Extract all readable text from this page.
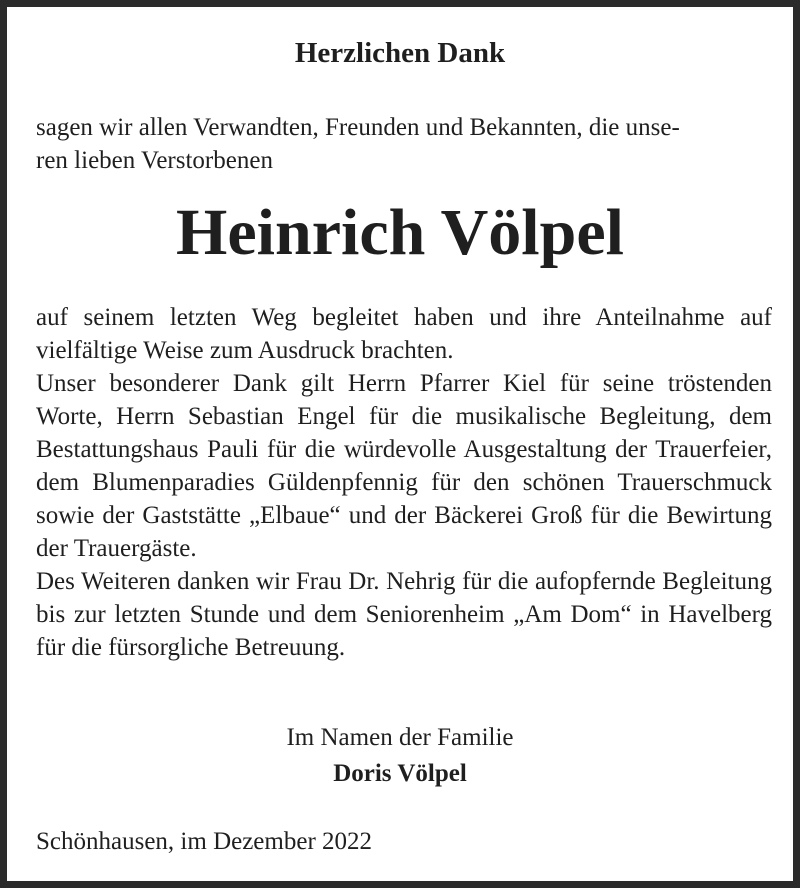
Herzlichen Dank
sagen wir allen Verwandten, Freunden und Bekannten, die unse-
ren lieben Verstorbenen
Heinrich Völpel

auf seinem letzten Weg begleitet haben und ihre Anteilnahme auf vielfältige Weise zum Ausdruck brachten.

Unser besonderer Dank gilt Herrn Pfarrer Kiel für seine tröstenden Worte, Herrn Sebastian Engel für die musikalische Begleitung, dem Bestattungshaus Pauli für die würdevolle Ausgestaltung der Trauerfeier, dem Blumenparadies Güldenpfennig für den schönen Trauerschmuck sowie der Gaststätte „Elbaue“ und der Bäckerei Groß für die Bewirtung der Trauergäste.

Des Weiteren danken wir Frau Dr. Nehrig für die aufopfernde Begleitung bis zur letzten Stunde und dem Seniorenheim „Am Dom“ in Havelberg für die fürsorgliche Betreuung.

Im Namen der Familie
Doris Völpel
Schönhausen, im Dezember 2022
